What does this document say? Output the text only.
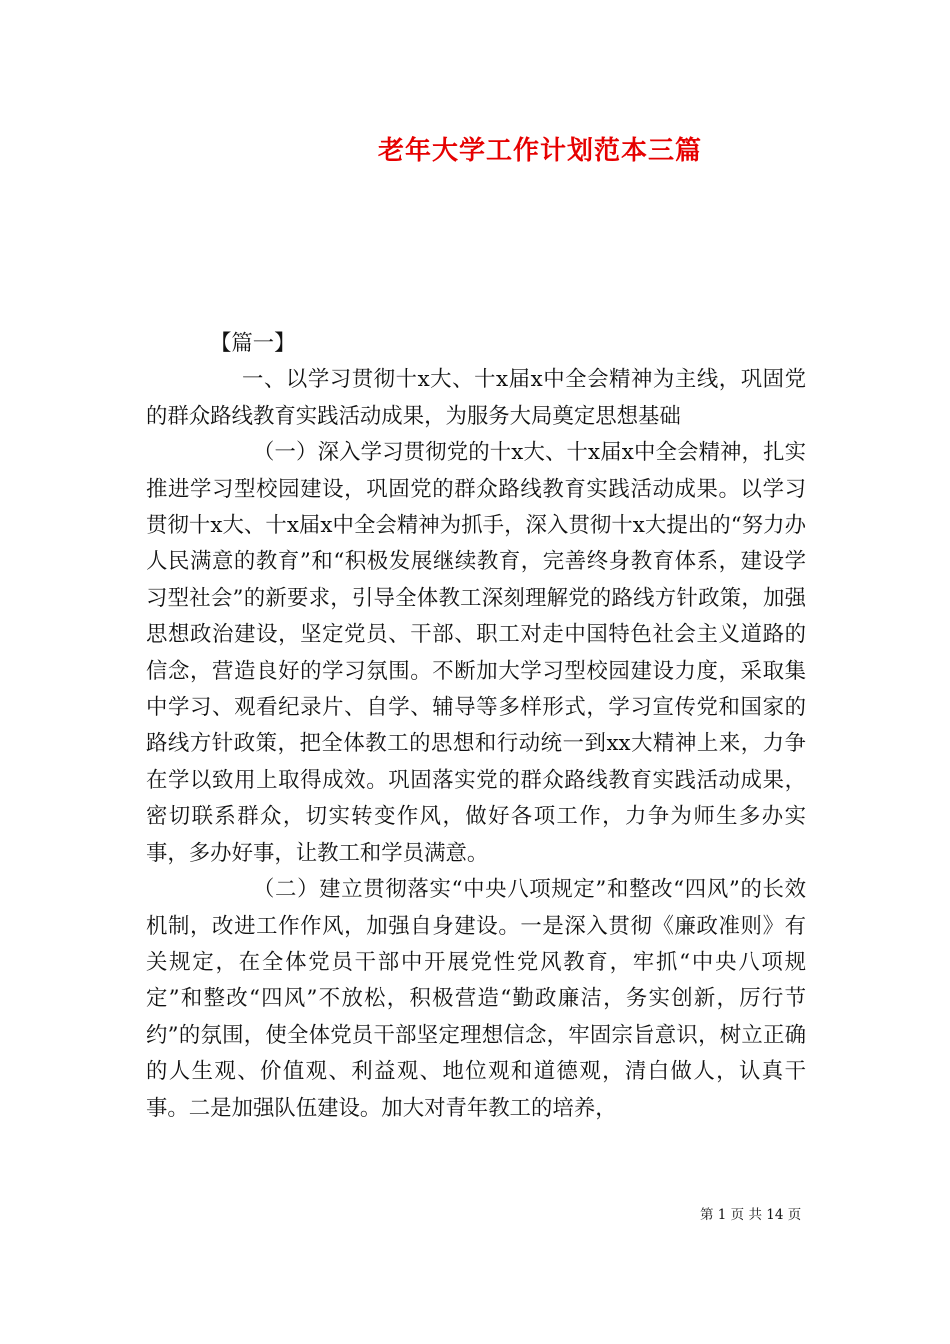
老年大学工作计划范本三篇

【篇一】

一、以学习贯彻十x大、十x届x中全会精神为主线，巩固党的群众路线教育实践活动成果，为服务大局奠定思想基础

（一）深入学习贯彻党的十x大、十x届x中全会精神，扎实推进学习型校园建设，巩固党的群众路线教育实践活动成果。以学习贯彻十x大、十x届x中全会精神为抓手，深入贯彻十x大提出的“努力办人民满意的教育”和“积极发展继续教育，完善终身教育体系，建设学习型社会”的新要求，引导全体教工深刻理解党的路线方针政策，加强思想政治建设，坚定党员、干部、职工对走中国特色社会主义道路的信念，营造良好的学习氛围。不断加大学习型校园建设力度，采取集中学习、观看纪录片、自学、辅导等多样形式，学习宣传党和国家的路线方针政策，把全体教工的思想和行动统一到xx大精神上来，力争在学以致用上取得成效。巩固落实党的群众路线教育实践活动成果，密切联系群众，切实转变作风，做好各项工作，力争为师生多办实事，多办好事，让教工和学员满意。

（二）建立贯彻落实“中央八项规定”和整改“四风”的长效机制，改进工作作风，加强自身建设。一是深入贯彻《廉政准则》有关规定，在全体党员干部中开展党性党风教育，牢抓“中央八项规定”和整改“四风”不放松，积极营造“勤政廉洁，务实创新，厉行节约”的氛围，使全体党员干部坚定理想信念，牢固宗旨意识，树立正确的人生观、价值观、利益观、地位观和道德观，清白做人，认真干事。二是加强队伍建设。加大对青年教工的培养，

第 1 页 共 14 页
